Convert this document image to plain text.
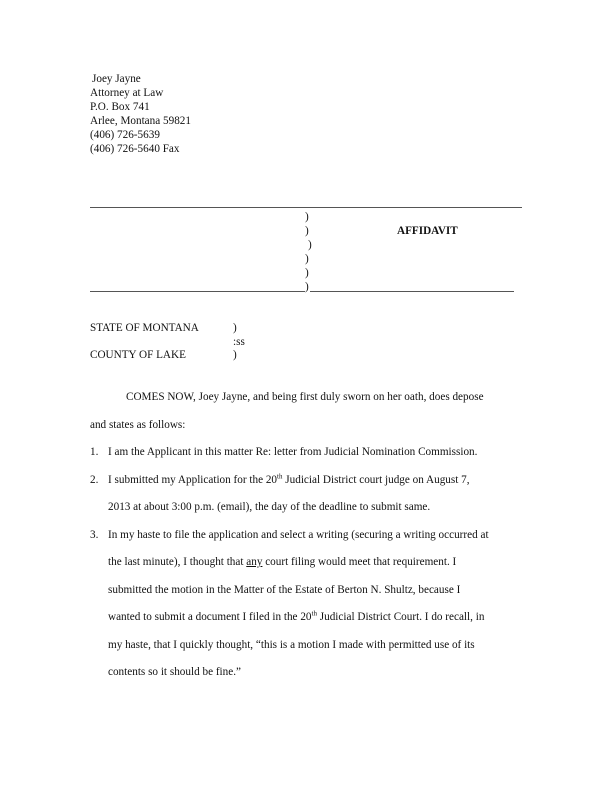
Joey Jayne
Attorney at Law
P.O. Box 741
Arlee, Montana 59821
(406) 726-5639
(406) 726-5640 Fax
)
)
)
)
)
)
AFFIDAVIT
STATE OF MONTANA	)
:ss
COUNTY OF LAKE	)
COMES NOW, Joey Jayne, and being first duly sworn on her oath, does depose
and states as follows:
1. I am the Applicant in this matter Re: letter from Judicial Nomination Commission.
2. I submitted my Application for the 20th Judicial District court judge on August 7,
2013 at about 3:00 p.m. (email), the day of the deadline to submit same.
3. In my haste to file the application and select a writing (securing a writing occurred at
the last minute), I thought that any court filing would meet that requirement. I
submitted the motion in the Matter of the Estate of Berton N. Shultz, because I
wanted to submit a document I filed in the 20th Judicial District Court. I do recall, in
my haste, that I quickly thought, “this is a motion I made with permitted use of its
contents so it should be fine.”
